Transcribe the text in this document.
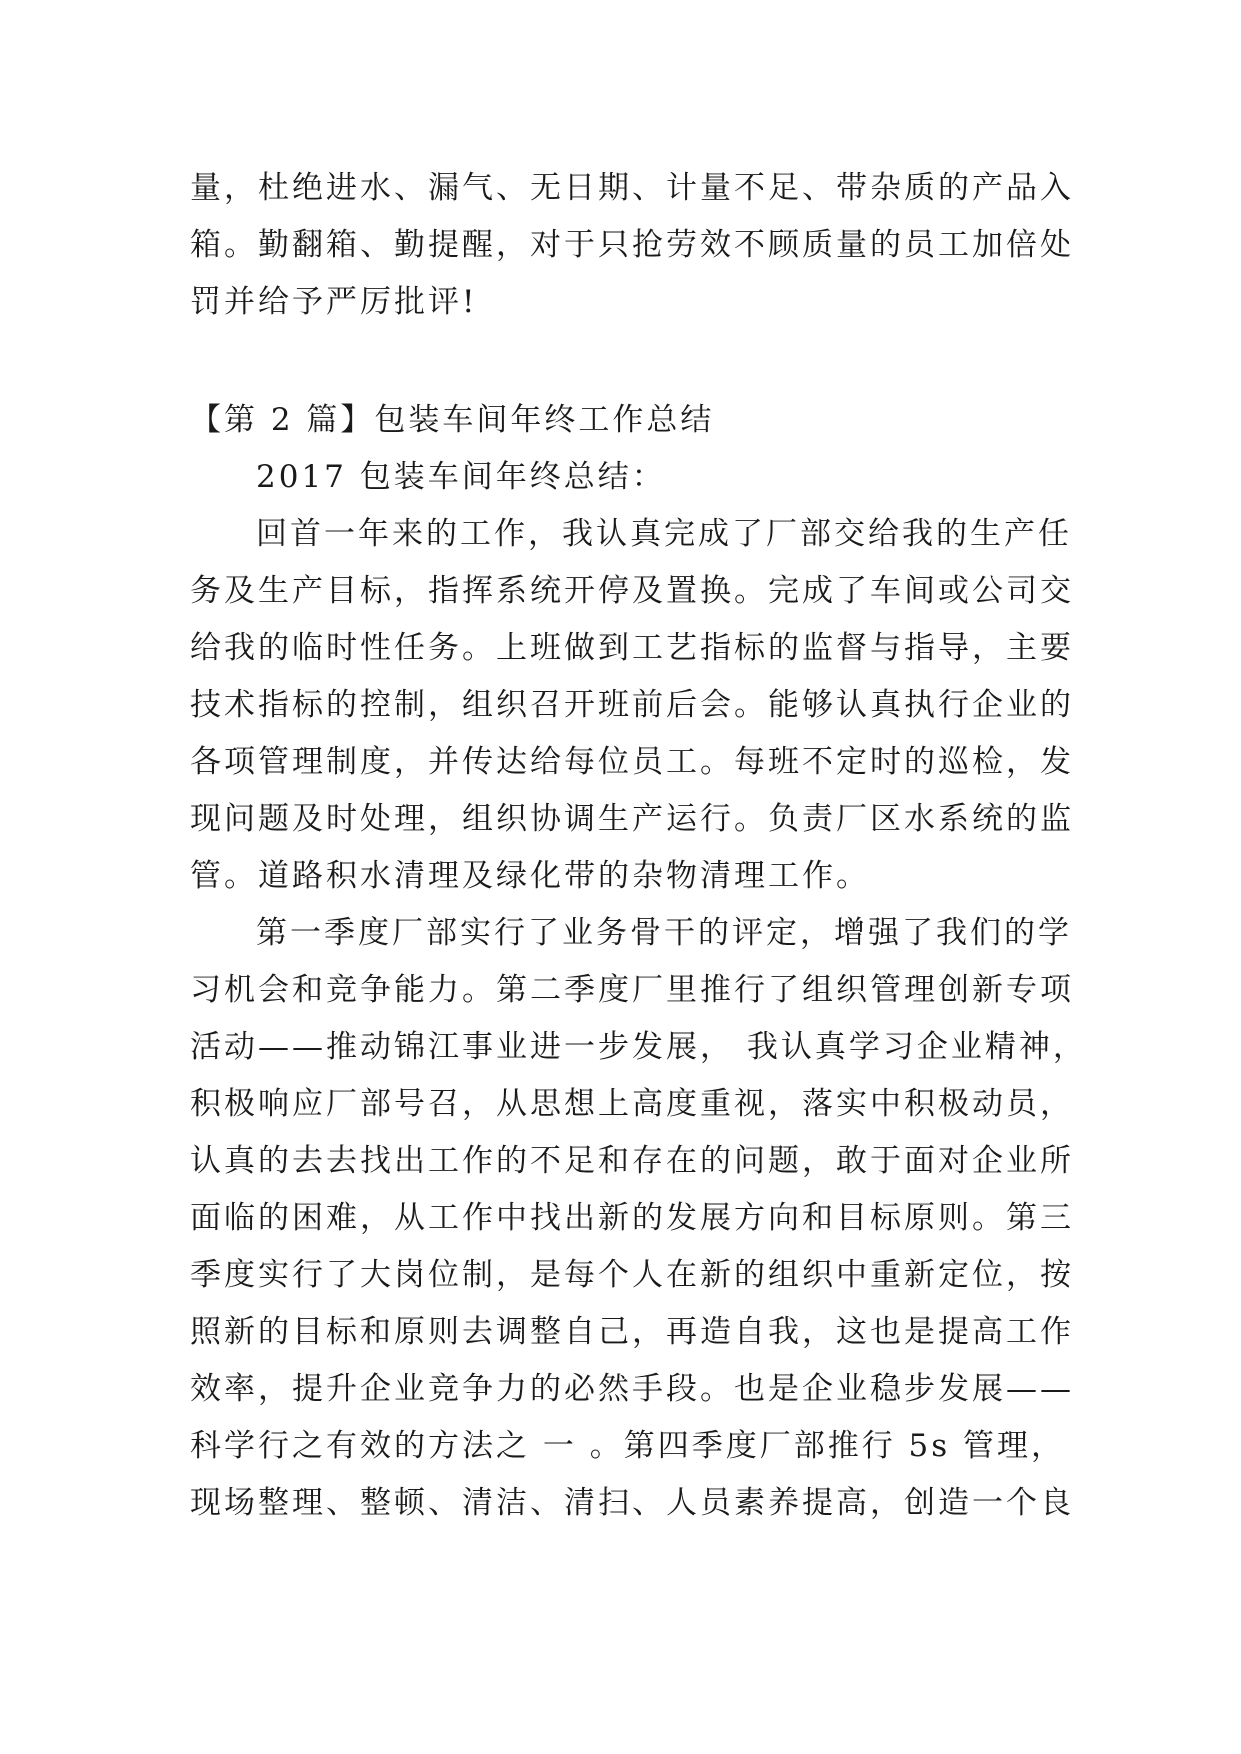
量，杜绝进水、漏气、无日期、计量不足、带杂质的产品入
箱。勤翻箱、勤提醒，对于只抢劳效不顾质量的员工加倍处
罚并给予严厉批评!
【第 2 篇】包装车间年终工作总结
2017 包装车间年终总结：
回首一年来的工作，我认真完成了厂部交给我的生产任
务及生产目标，指挥系统开停及置换。完成了车间或公司交
给我的临时性任务。上班做到工艺指标的监督与指导，主要
技术指标的控制，组织召开班前后会。能够认真执行企业的
各项管理制度，并传达给每位员工。每班不定时的巡检，发
现问题及时处理，组织协调生产运行。负责厂区水系统的监
管。道路积水清理及绿化带的杂物清理工作。
第一季度厂部实行了业务骨干的评定，增强了我们的学
习机会和竞争能力。第二季度厂里推行了组织管理创新专项
活动——推动锦江事业进一步发展， 我认真学习企业精神，
积极响应厂部号召，从思想上高度重视，落实中积极动员，
认真的去去找出工作的不足和存在的问题，敢于面对企业所
面临的困难，从工作中找出新的发展方向和目标原则。第三
季度实行了大岗位制，是每个人在新的组织中重新定位，按
照新的目标和原则去调整自己，再造自我，这也是提高工作
效率，提升企业竞争力的必然手段。也是企业稳步发展——
科学行之有效的方法之 一 。第四季度厂部推行 5s 管理，
现场整理、整顿、清洁、清扫、人员素养提高，创造一个良
